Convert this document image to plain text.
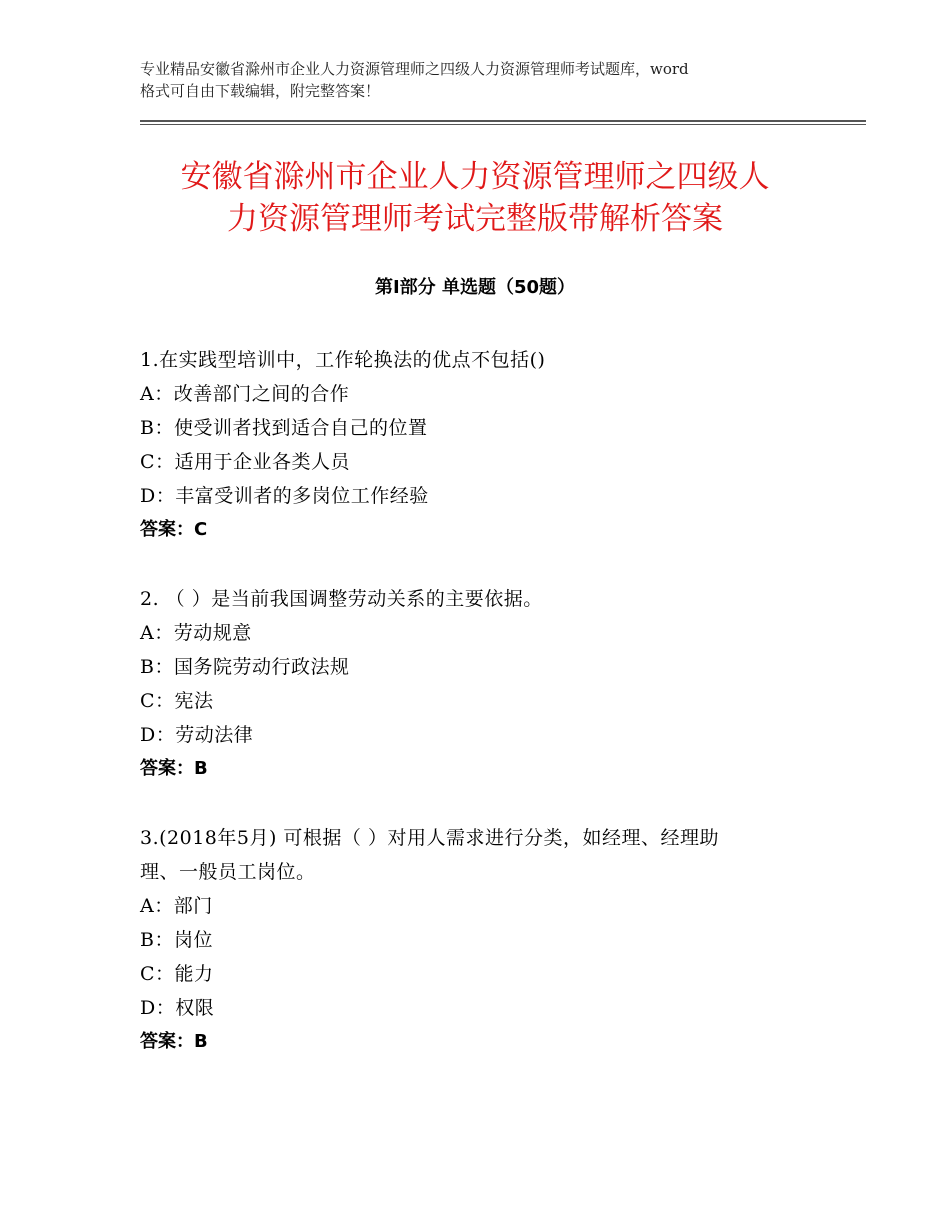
专业精品安徽省滁州市企业人力资源管理师之四级人力资源管理师考试题库，word
格式可自由下载编辑，附完整答案！
安徽省滁州市企业人力资源管理师之四级人
力资源管理师考试完整版带解析答案
第Ⅰ部分 单选题（50题）
1.在实践型培训中，工作轮换法的优点不包括()
A：改善部门之间的合作
B：使受训者找到适合自己的位置
C：适用于企业各类人员
D：丰富受训者的多岗位工作经验
答案：C
2. （ ）是当前我国调整劳动关系的主要依据。
A：劳动规意
B：国务院劳动行政法规
C：宪法
D：劳动法律
答案：B
3.(2018年5月) 可根据（ ）对用人需求进行分类，如经理、经理助
理、一般员工岗位。
A：部门
B：岗位
C：能力
D：权限
答案：B
